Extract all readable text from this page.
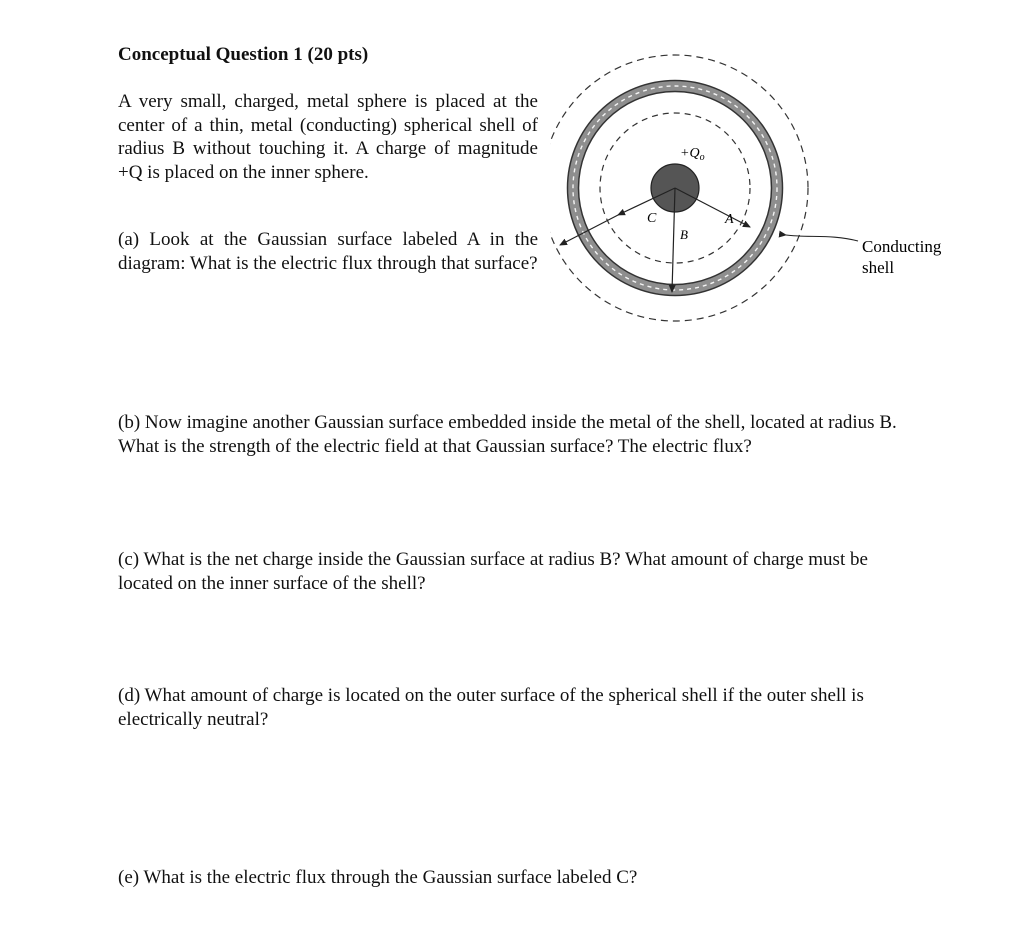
Conceptual Question 1 (20 pts)

A very small, charged, metal sphere is placed at the center of a thin, metal (conducting) spherical shell of radius B without touching it. A charge of magnitude +Q is placed on the inner sphere.

(a) Look at the Gaussian surface labeled A in the diagram: What is the electric flux through that surface?

(b) Now imagine another Gaussian surface embedded inside the metal of the shell, located at radius B. What is the strength of the electric field at that Gaussian surface? The electric flux?

(c) What is the net charge inside the Gaussian surface at radius B? What amount of charge must be located on the inner surface of the shell?

(d) What amount of charge is located on the outer surface of the spherical shell if the outer shell is electrically neutral?

(e) What is the electric flux through the Gaussian surface labeled C?

$+Q_o$
A
B
C
Conducting
shell
